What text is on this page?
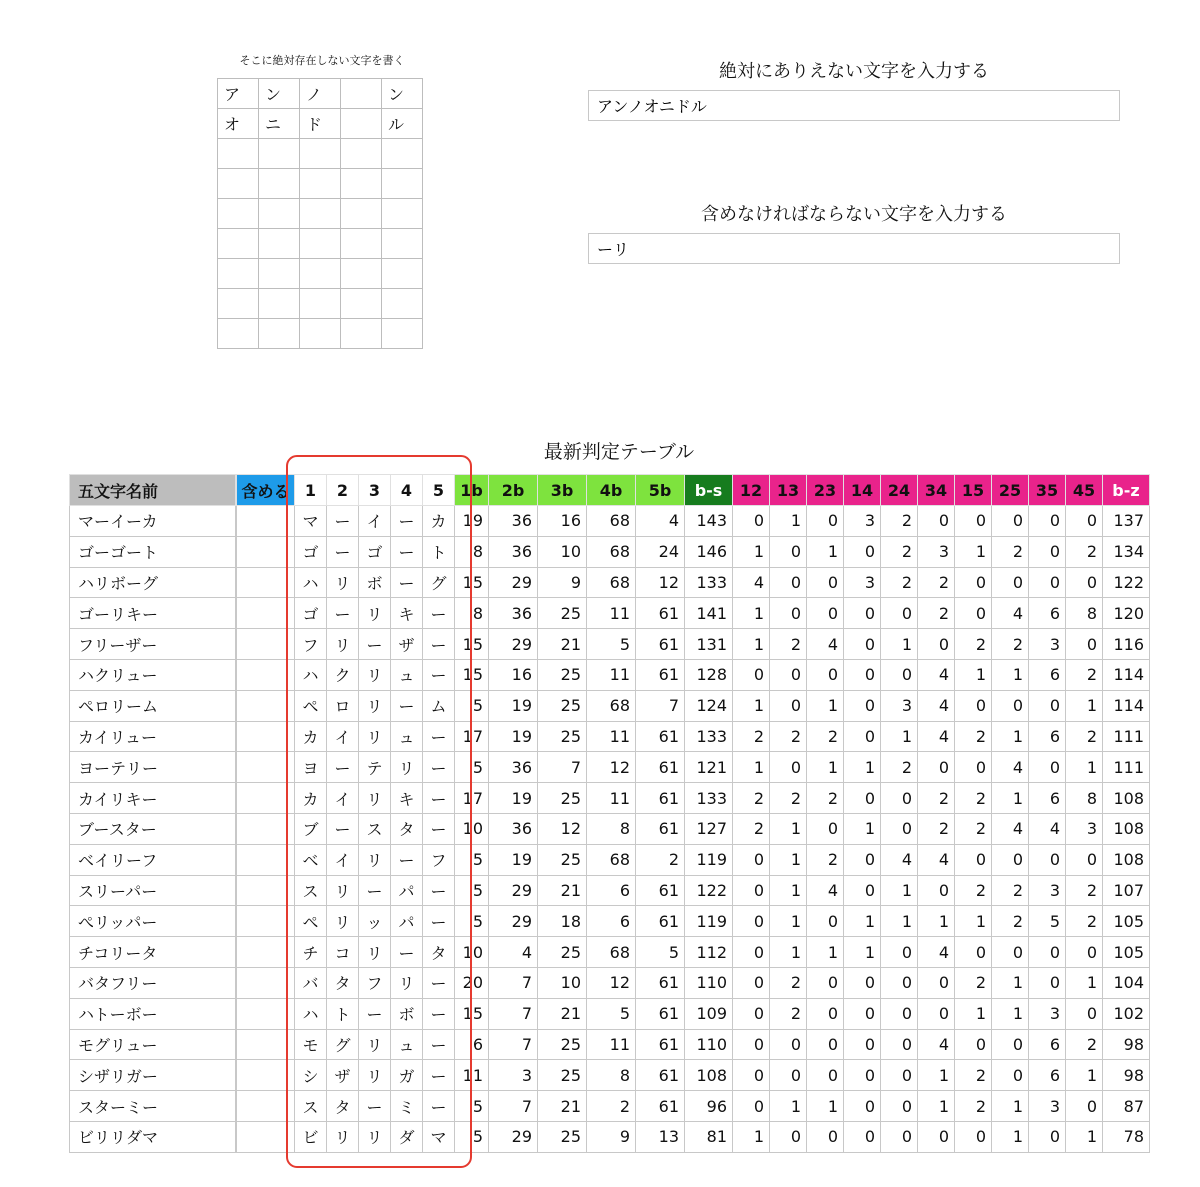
そこに絶対存在しない文字を書く
ア	ン	ノ		ン
オ	ニ	ド		ル

絶対にありえない文字を入力する
アンノオニドル
含めなければならない文字を入力する
ーリ
最新判定テーブル
五文字名前		含める	1	2	3	4	5	1b	2b	3b	4b	5b	b-s	12	13	23	14	24	34	15	25	35	45	b-z
マーイーカ			マ	ー	イ	ー	カ	19	36	16	68	4	143	0	1	0	3	2	0	0	0	0	0	137
ゴーゴート			ゴ	ー	ゴ	ー	ト	8	36	10	68	24	146	1	0	1	0	2	3	1	2	0	2	134
ハリボーグ			ハ	リ	ボ	ー	グ	15	29	9	68	12	133	4	0	0	3	2	2	0	0	0	0	122
ゴーリキー			ゴ	ー	リ	キ	ー	8	36	25	11	61	141	1	0	0	0	0	2	0	4	6	8	120
フリーザー			フ	リ	ー	ザ	ー	15	29	21	5	61	131	1	2	4	0	1	0	2	2	3	0	116
ハクリュー			ハ	ク	リ	ュ	ー	15	16	25	11	61	128	0	0	0	0	0	4	1	1	6	2	114
ペロリーム			ペ	ロ	リ	ー	ム	5	19	25	68	7	124	1	0	1	0	3	4	0	0	0	1	114
カイリュー			カ	イ	リ	ュ	ー	17	19	25	11	61	133	2	2	2	0	1	4	2	1	6	2	111
ヨーテリー			ヨ	ー	テ	リ	ー	5	36	7	12	61	121	1	0	1	1	2	0	0	4	0	1	111
カイリキー			カ	イ	リ	キ	ー	17	19	25	11	61	133	2	2	2	0	0	2	2	1	6	8	108
ブースター			ブ	ー	ス	タ	ー	10	36	12	8	61	127	2	1	0	1	0	2	2	4	4	3	108
ベイリーフ			ベ	イ	リ	ー	フ	5	19	25	68	2	119	0	1	2	0	4	4	0	0	0	0	108
スリーパー			ス	リ	ー	パ	ー	5	29	21	6	61	122	0	1	4	0	1	0	2	2	3	2	107
ぺリッパー			ペ	リ	ッ	パ	ー	5	29	18	6	61	119	0	1	0	1	1	1	1	2	5	2	105
チコリータ			チ	コ	リ	ー	タ	10	4	25	68	5	112	0	1	1	1	0	4	0	0	0	0	105
バタフリー			バ	タ	フ	リ	ー	20	7	10	12	61	110	0	2	0	0	0	0	2	1	0	1	104
ハトーボー			ハ	ト	ー	ボ	ー	15	7	21	5	61	109	0	2	0	0	0	0	1	1	3	0	102
モグリュー			モ	グ	リ	ュ	ー	6	7	25	11	61	110	0	0	0	0	0	4	0	0	6	2	98
シザリガー			シ	ザ	リ	ガ	ー	11	3	25	8	61	108	0	0	0	0	0	1	2	0	6	1	98
スターミー			ス	タ	ー	ミ	ー	5	7	21	2	61	96	0	1	1	0	0	1	2	1	3	0	87
ビリリダマ			ビ	リ	リ	ダ	マ	5	29	25	9	13	81	1	0	0	0	0	0	0	1	0	1	78
